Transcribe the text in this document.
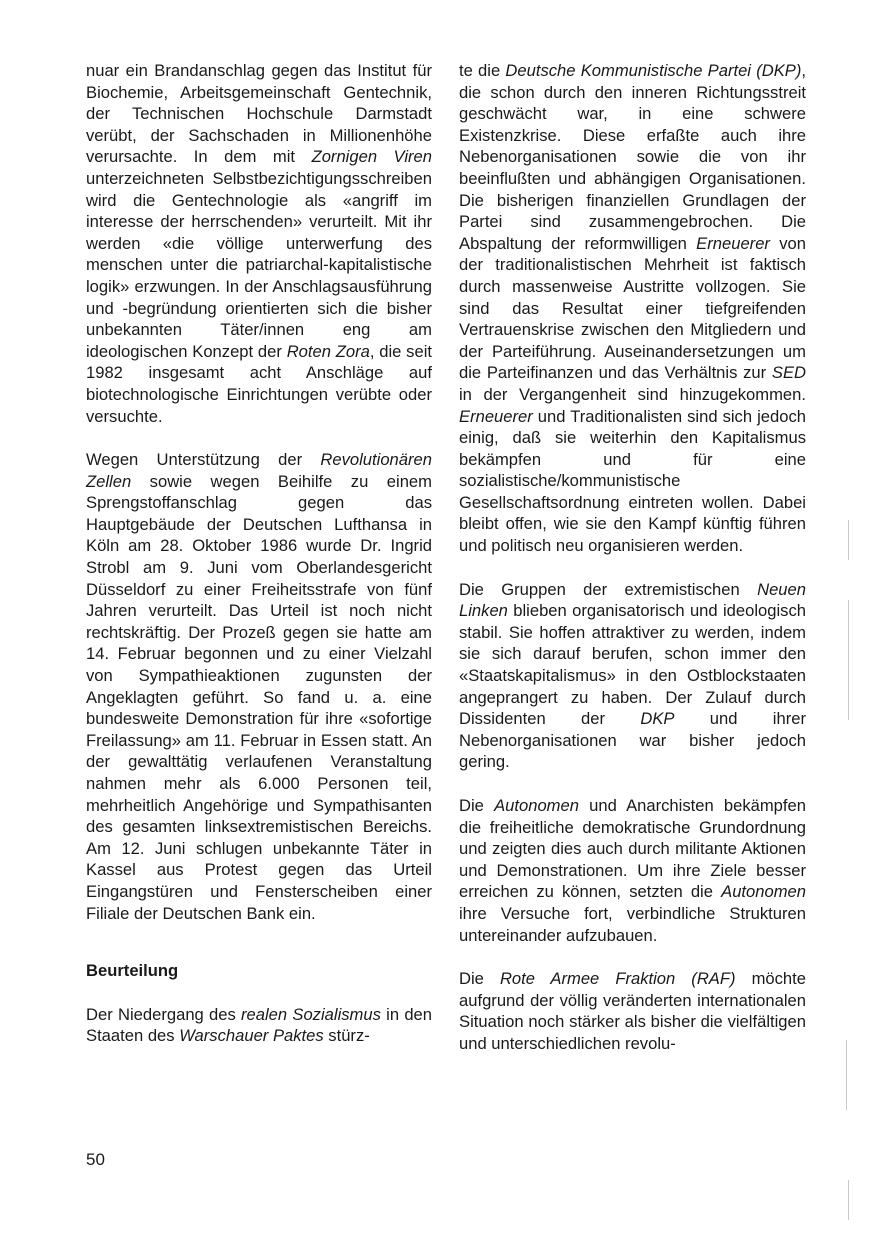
nuar ein Brandanschlag gegen das Institut für Biochemie, Arbeitsgemeinschaft Gentechnik, der Technischen Hochschule Darmstadt verübt, der Sachschaden in Millionenhöhe verursachte. In dem mit Zornigen Viren unterzeichneten Selbstbezichtigungsschreiben wird die Gentechnologie als «angriff im interesse der herrschenden» verurteilt. Mit ihr werden «die völlige unterwerfung des menschen unter die patriarchal-kapitalistische logik» erzwungen. In der Anschlagsausführung und -begründung orientierten sich die bisher unbekannten Täter/innen eng am ideologischen Konzept der Roten Zora, die seit 1982 insgesamt acht Anschläge auf biotechnologische Einrichtungen verübte oder versuchte.

Wegen Unterstützung der Revolutionären Zellen sowie wegen Beihilfe zu einem Sprengstoffanschlag gegen das Hauptgebäude der Deutschen Lufthansa in Köln am 28. Oktober 1986 wurde Dr. Ingrid Strobl am 9. Juni vom Oberlandesgericht Düsseldorf zu einer Freiheitsstrafe von fünf Jahren verurteilt. Das Urteil ist noch nicht rechtskräftig. Der Prozeß gegen sie hatte am 14. Februar begonnen und zu einer Vielzahl von Sympathieaktionen zugunsten der Angeklagten geführt. So fand u. a. eine bundesweite Demonstration für ihre «sofortige Freilassung» am 11. Februar in Essen statt. An der gewalttätig verlaufenen Veranstaltung nahmen mehr als 6.000 Personen teil, mehrheitlich Angehörige und Sympathisanten des gesamten linksextremistischen Bereichs. Am 12. Juni schlugen unbekannte Täter in Kassel aus Protest gegen das Urteil Eingangstüren und Fensterscheiben einer Filiale der Deutschen Bank ein.

Beurteilung

Der Niedergang des realen Sozialismus in den Staaten des Warschauer Paktes stürz-

te die Deutsche Kommunistische Partei (DKP), die schon durch den inneren Richtungsstreit geschwächt war, in eine schwere Existenzkrise. Diese erfaßte auch ihre Nebenorganisationen sowie die von ihr beeinflußten und abhängigen Organisationen. Die bisherigen finanziellen Grundlagen der Partei sind zusammengebrochen. Die Abspaltung der reformwilligen Erneuerer von der traditionalistischen Mehrheit ist faktisch durch massenweise Austritte vollzogen. Sie sind das Resultat einer tiefgreifenden Vertrauenskrise zwischen den Mitgliedern und der Parteiführung. Auseinandersetzungen um die Parteifinanzen und das Verhältnis zur SED in der Vergangenheit sind hinzugekommen. Erneuerer und Traditionalisten sind sich jedoch einig, daß sie weiterhin den Kapitalismus bekämpfen und für eine sozialistische/kommunistische Gesellschaftsordnung eintreten wollen. Dabei bleibt offen, wie sie den Kampf künftig führen und politisch neu organisieren werden.

Die Gruppen der extremistischen Neuen Linken blieben organisatorisch und ideologisch stabil. Sie hoffen attraktiver zu werden, indem sie sich darauf berufen, schon immer den «Staatskapitalismus» in den Ostblockstaaten angeprangert zu haben. Der Zulauf durch Dissidenten der DKP und ihrer Nebenorganisationen war bisher jedoch gering.

Die Autonomen und Anarchisten bekämpfen die freiheitliche demokratische Grundordnung und zeigten dies auch durch militante Aktionen und Demonstrationen. Um ihre Ziele besser erreichen zu können, setzten die Autonomen ihre Versuche fort, verbindliche Strukturen untereinander aufzubauen.

Die Rote Armee Fraktion (RAF) möchte aufgrund der völlig veränderten internationalen Situation noch stärker als bisher die vielfältigen und unterschiedlichen revolu-

50
